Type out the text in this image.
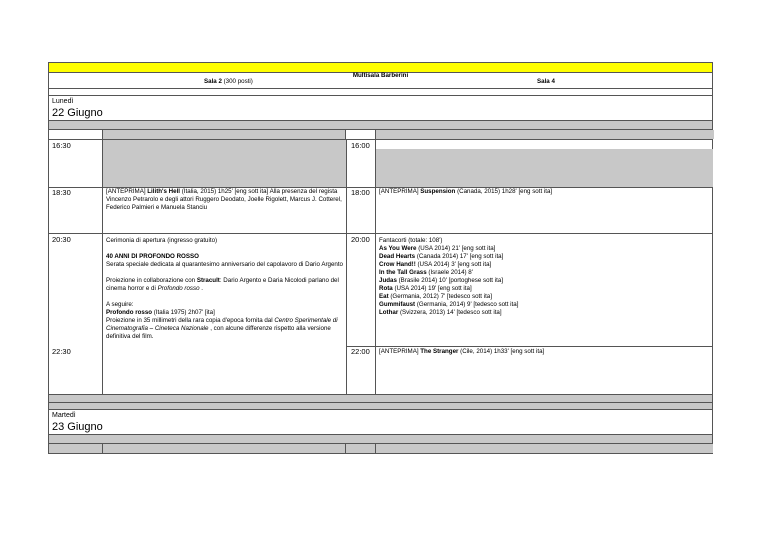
Multisala Barberini
Sala 2 (300 posti)	Sala 4
Lunedì
22 Giugno
16:30
18:30
20:30
22:30
16:00
18:00
20:00
22:00
[ANTEPRIMA] Lilith's Hell (Italia, 2015) 1h25' [eng sott ita] Alla presenza del regista Vincenzo Petrarolo e degli attori Ruggero Deodato, Joelle Rigolett, Marcus J. Cotterel, Federico Palmieri e Manuela Stanciu
Cerimonia di apertura (ingresso gratuito)
40 ANNI DI PROFONDO ROSSO
Serata speciale dedicata al quarantesimo anniversario del capolavoro di Dario Argento
Proiezione in collaborazione con Stracult: Dario Argento e Daria Nicolodi parlano del cinema horror e di Profondo rosso .
A seguire:
Profondo rosso (Italia 1975) 2h07' [ita]
Proiezione in 35 millimetri della rara copia d'epoca fornita dal Centro Sperimentale di Cinematografia – Cineteca Nazionale , con alcune differenze rispetto alla versione definitiva del film.
[ANTEPRIMA] Suspension (Canada, 2015) 1h28' [eng sott ita]
Fantacorti (totale: 108')
As You Were (USA 2014) 21' [eng sott ita]
Dead Hearts (Canada 2014) 17' [eng sott ita]
Crow Hand!! (USA 2014) 3' [eng sott ita]
In the Tall Grass (Israele 2014) 8'
Judas (Brasile 2014) 10' [portoghese sott ita]
Rota (USA 2014) 19' [eng sott ita]
Eat (Germania, 2012) 7' [tedesco sott ita]
Gummifaust (Germania, 2014) 9' [tedesco sott ita]
Lothar (Svizzera, 2013) 14' [tedesco sott ita]
[ANTEPRIMA] The Stranger (Cile, 2014) 1h33' [eng sott ita]
Martedì
23 Giugno
